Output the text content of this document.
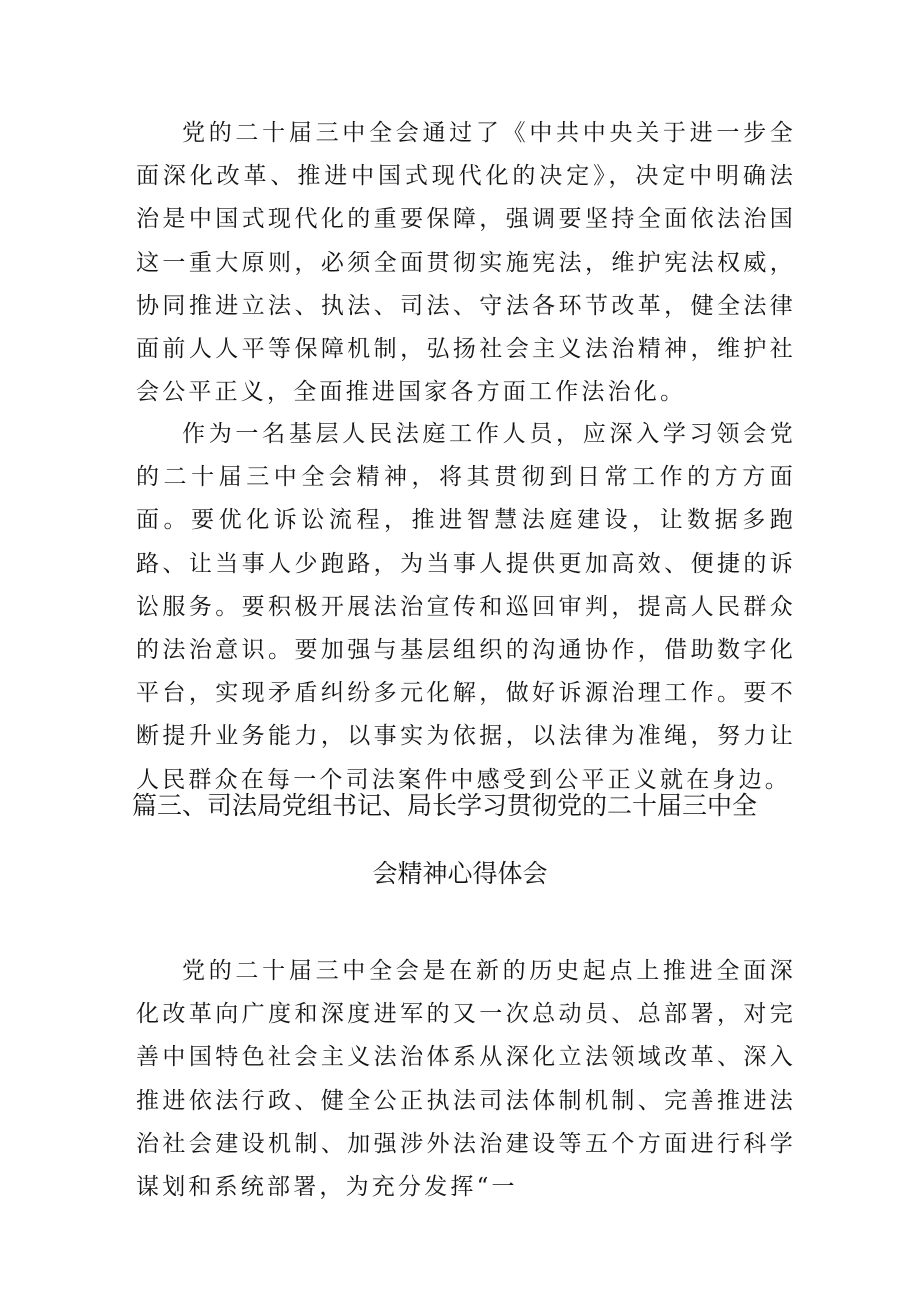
党的二十届三中全会通过了《中共中央关于进一步全面深化改革、推进中国式现代化的决定》，决定中明确法治是中国式现代化的重要保障，强调要坚持全面依法治国这一重大原则，必须全面贯彻实施宪法，维护宪法权威，协同推进立法、执法、司法、守法各环节改革，健全法律面前人人平等保障机制，弘扬社会主义法治精神，维护社会公平正义，全面推进国家各方面工作法治化。

作为一名基层人民法庭工作人员，应深入学习领会党的二十届三中全会精神，将其贯彻到日常工作的方方面面。要优化诉讼流程，推进智慧法庭建设，让数据多跑路、让当事人少跑路，为当事人提供更加高效、便捷的诉讼服务。要积极开展法治宣传和巡回审判，提高人民群众的法治意识。要加强与基层组织的沟通协作，借助数字化平台，实现矛盾纠纷多元化解，做好诉源治理工作。要不断提升业务能力，以事实为依据，以法律为准绳，努力让人民群众在每一个司法案件中感受到公平正义就在身边。

篇三、司法局党组书记、局长学习贯彻党的二十届三中全
会精神心得体会

党的二十届三中全会是在新的历史起点上推进全面深化改革向广度和深度进军的又一次总动员、总部署，对完善中国特色社会主义法治体系从深化立法领域改革、深入推进依法行政、健全公正执法司法体制机制、完善推进法治社会建设机制、加强涉外法治建设等五个方面进行科学谋划和系统部署，为充分发挥“一
